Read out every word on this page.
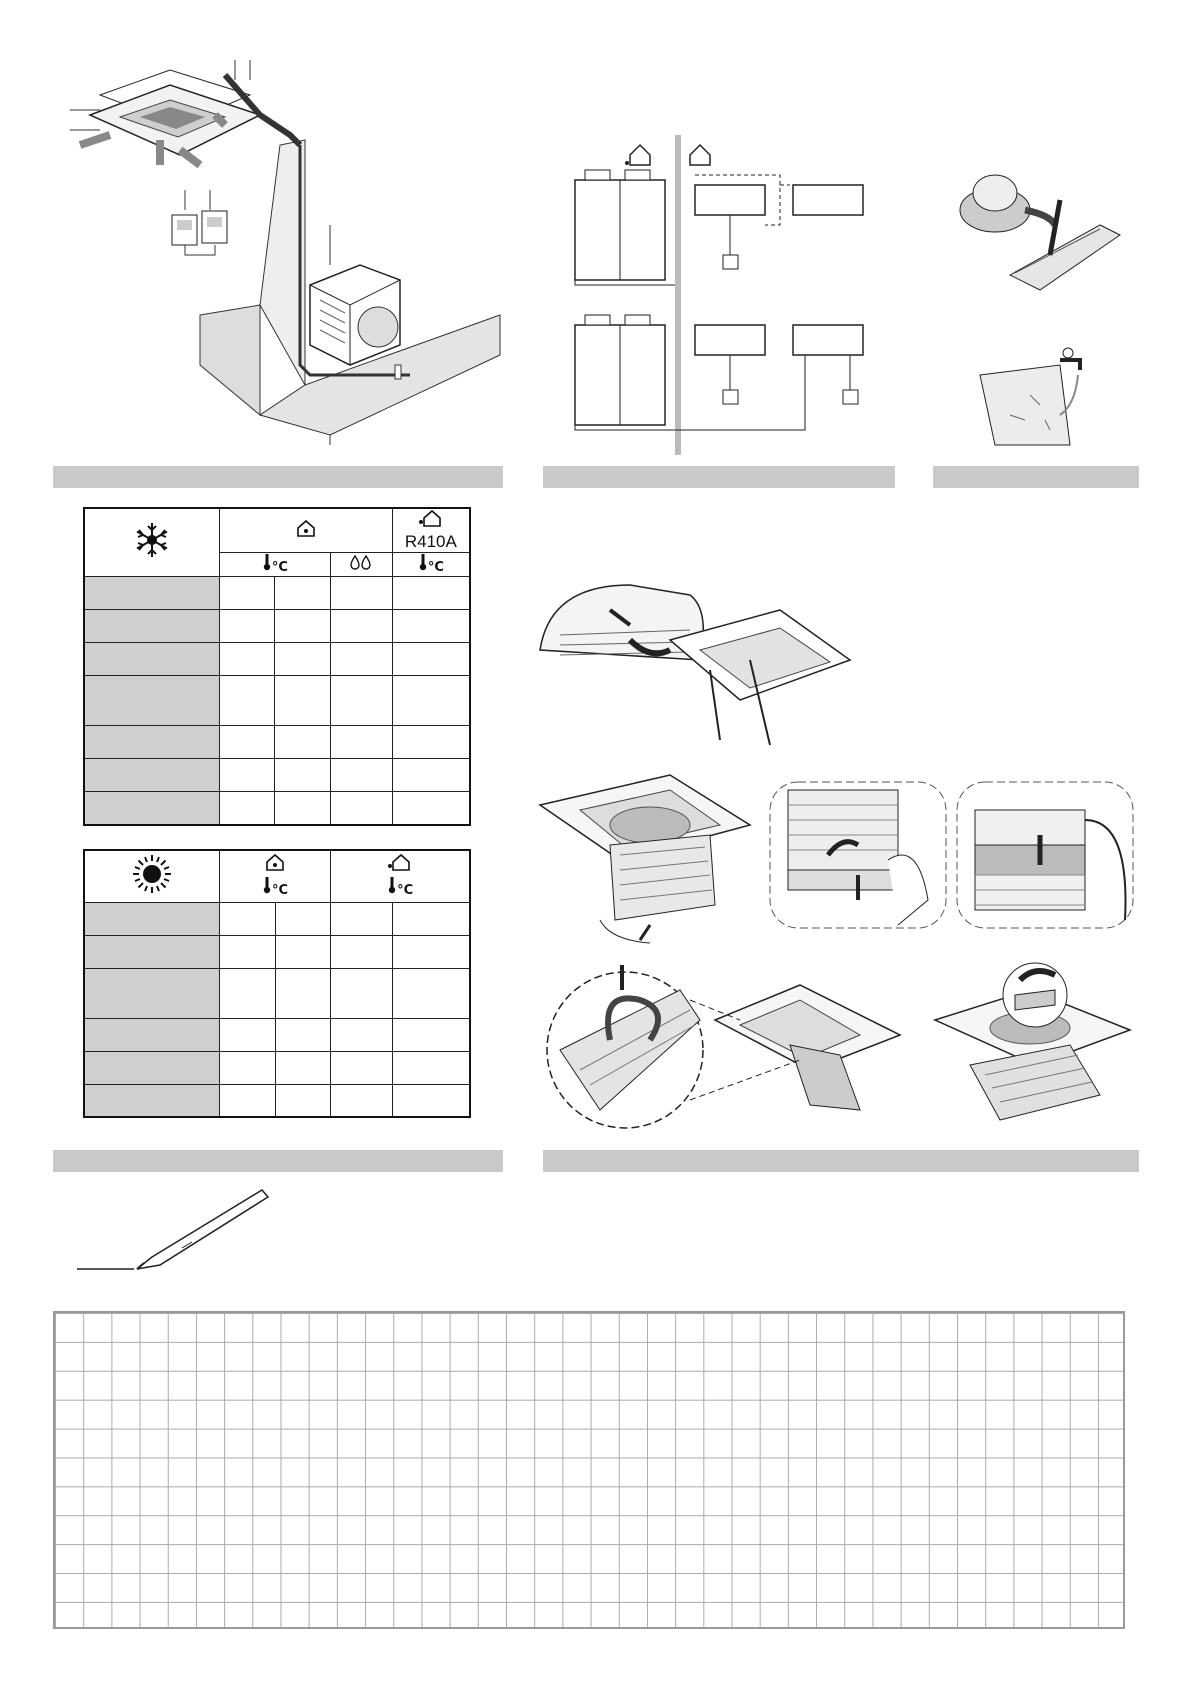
		R410A
	°C			°C

°C		°C	
